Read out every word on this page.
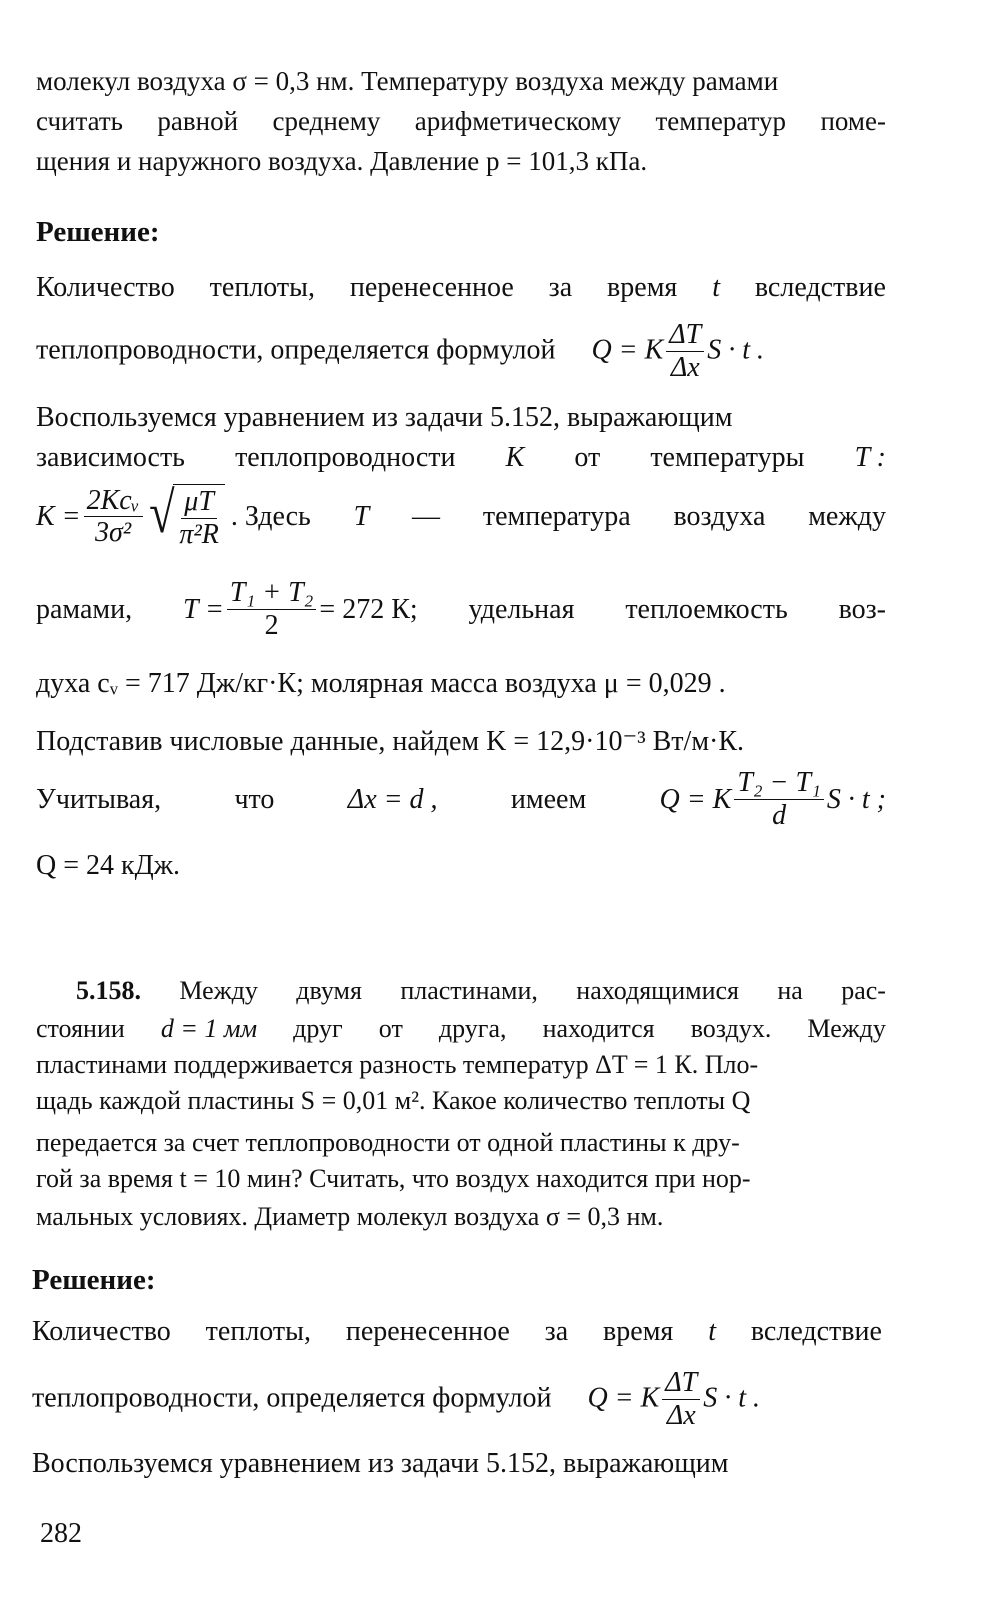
молекул воздуха σ = 0,3 нм. Температуру воздуха между рамами
считать равной среднему арифметическому температур поме-
щения и наружного воздуха. Давление p = 101,3 кПа.
Решение:
Количество теплоты, перенесенное за время t вследствие
теплопроводности, определяется формулой Q = K $\frac{\Delta T}{\Delta x}$ S · t .
Воспользуемся уравнением из задачи 5.152, выражающим
зависимость теплопроводности K от температуры T :
$K = \frac{\text{2Kcᵥ}}{\text{3σ²}}$ √ $\frac{\mu T}{\text{π²R}}$ . Здесь T — температура воздуха между
рамами, $T = \frac{\text{T₁ + T₂}}{2} = 272$ К; удельная теплоемкость воз-
духа cᵥ = 717 Дж/кг·К; молярная масса воздуха μ = 0,029 .
Подставив числовые данные, найдем K = 12,9·10⁻³ Вт/м·К.
Учитывая,	что	Δx = d ,	имеем	Q = K $\frac{\text{T₂ − T₁}}{d}$ S · t ;
Q = 24 кДж.
5.158. Между двумя пластинами, находящимися на рас-
стоянии d = 1 мм друг от друга, находится воздух. Между
пластинами поддерживается разность температур ΔT = 1 К. Пло-
щадь каждой пластины S = 0,01 м². Какое количество теплоты Q
передается за счет теплопроводности от одной пластины к дру-
гой за время t = 10 мин? Считать, что воздух находится при нор-
мальных условиях. Диаметр молекул воздуха σ = 0,3 нм.
Решение:
Количество теплоты, перенесенное за время t вследствие
теплопроводности, определяется формулой Q = K $\frac{\Delta T}{\Delta x}$ S · t .
Воспользуемся уравнением из задачи 5.152, выражающим
282
